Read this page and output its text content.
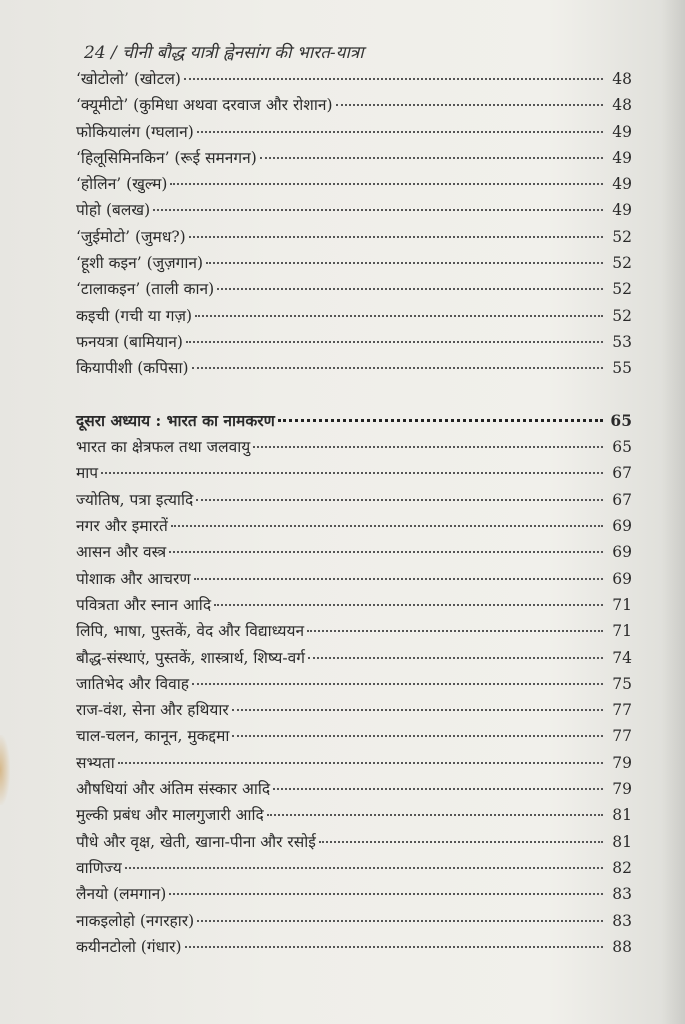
24 / चीनी बौद्ध यात्री ह्वेनसांग की भारत-यात्रा
‘खोटोलो’ (खोटल)	48
‘क्यूमीटो’ (कुमिधा अथवा दरवाज और रोशान)	48
फोकियालंग (ग्घलान)	49
‘हिलूसिमिनकिन’ (रूई समनगन)	49
‘होलिन’ (खुल्म)	49
पोहो (बलख)	49
‘जुईमोटो’ (जुमध?)	52
‘हूशी कइन’ (जुज़गान)	52
‘टालाकइन’ (ताली कान)	52
कइची (गची या गज़)	52
फनयत्रा (बामियान)	53
कियापीशी (कपिसा)	55
दूसरा अध्याय : भारत का नामकरण	65
भारत का क्षेत्रफल तथा जलवायु	65
माप	67
ज्योतिष, पत्रा इत्यादि	67
नगर और इमारतें	69
आसन और वस्त्र	69
पोशाक और आचरण	69
पवित्रता और स्नान आदि	71
लिपि, भाषा, पुस्तकें, वेद और विद्याध्ययन	71
बौद्ध-संस्थाएं, पुस्तकें, शास्त्रार्थ, शिष्य-वर्ग	74
जातिभेद और विवाह	75
राज-वंश, सेना और हथियार	77
चाल-चलन, कानून, मुकद्दमा	77
सभ्यता	79
औषधियां और अंतिम संस्कार आदि	79
मुल्की प्रबंध और मालगुजारी आदि	81
पौधे और वृक्ष, खेती, खाना-पीना और रसोई	81
वाणिज्य	82
लैनयो (लमगान)	83
नाकइलोहो (नगरहार)	83
कयीनटोलो (गंधार)	88
